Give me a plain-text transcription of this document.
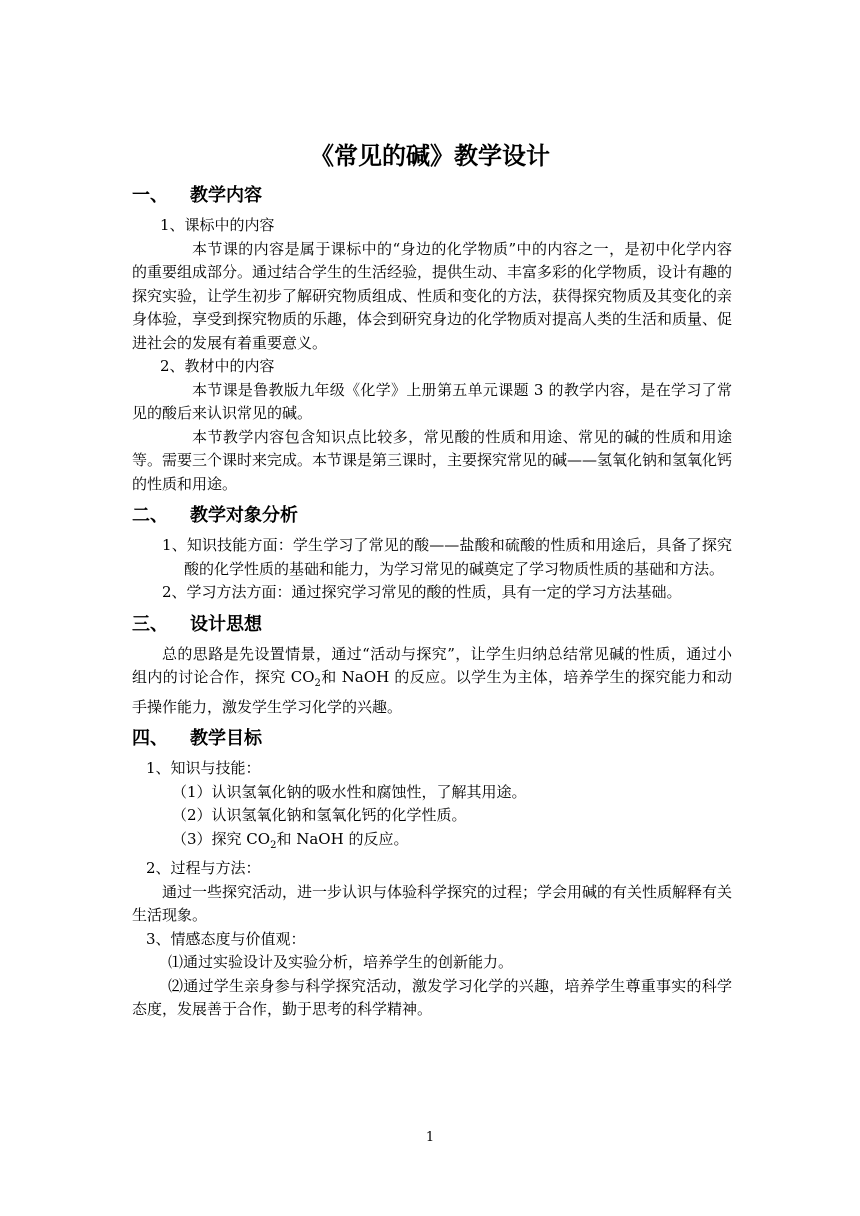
《常见的碱》教学设计
一、	教学内容

1、课标中的内容

本节课的内容是属于课标中的“身边的化学物质”中的内容之一，是初中化学内容的重要组成部分。通过结合学生的生活经验，提供生动、丰富多彩的化学物质，设计有趣的探究实验，让学生初步了解研究物质组成、性质和变化的方法，获得探究物质及其变化的亲身体验，享受到探究物质的乐趣，体会到研究身边的化学物质对提高人类的生活和质量、促进社会的发展有着重要意义。

2、教材中的内容

本节课是鲁教版九年级《化学》上册第五单元课题 3 的教学内容，是在学习了常见的酸后来认识常见的碱。

本节教学内容包含知识点比较多，常见酸的性质和用途、常见的碱的性质和用途等。需要三个课时来完成。本节课是第三课时，主要探究常见的碱——氢氧化钠和氢氧化钙的性质和用途。

二、	教学对象分析

1、知识技能方面：学生学习了常见的酸——盐酸和硫酸的性质和用途后，具备了探究酸的化学性质的基础和能力，为学习常见的碱奠定了学习物质性质的基础和方法。

2、学习方法方面：通过探究学习常见的酸的性质，具有一定的学习方法基础。

三、	设计思想

总的思路是先设置情景，通过“活动与探究”，让学生归纳总结常见碱的性质，通过小组内的讨论合作，探究 $CO_2$和 NaOH 的反应。以学生为主体，培养学生的探究能力和动手操作能力，激发学生学习化学的兴趣。

四、	教学目标

1、知识与技能：

（1）认识氢氧化钠的吸水性和腐蚀性，了解其用途。

（2）认识氢氧化钠和氢氧化钙的化学性质。

（3）探究 $CO_2$和 NaOH 的反应。

2、过程与方法：

通过一些探究活动，进一步认识与体验科学探究的过程；学会用碱的有关性质解释有关生活现象。

3、情感态度与价值观：

⑴通过实验设计及实验分析，培养学生的创新能力。

⑵通过学生亲身参与科学探究活动，激发学习化学的兴趣，培养学生尊重事实的科学态度，发展善于合作，勤于思考的科学精神。

1
